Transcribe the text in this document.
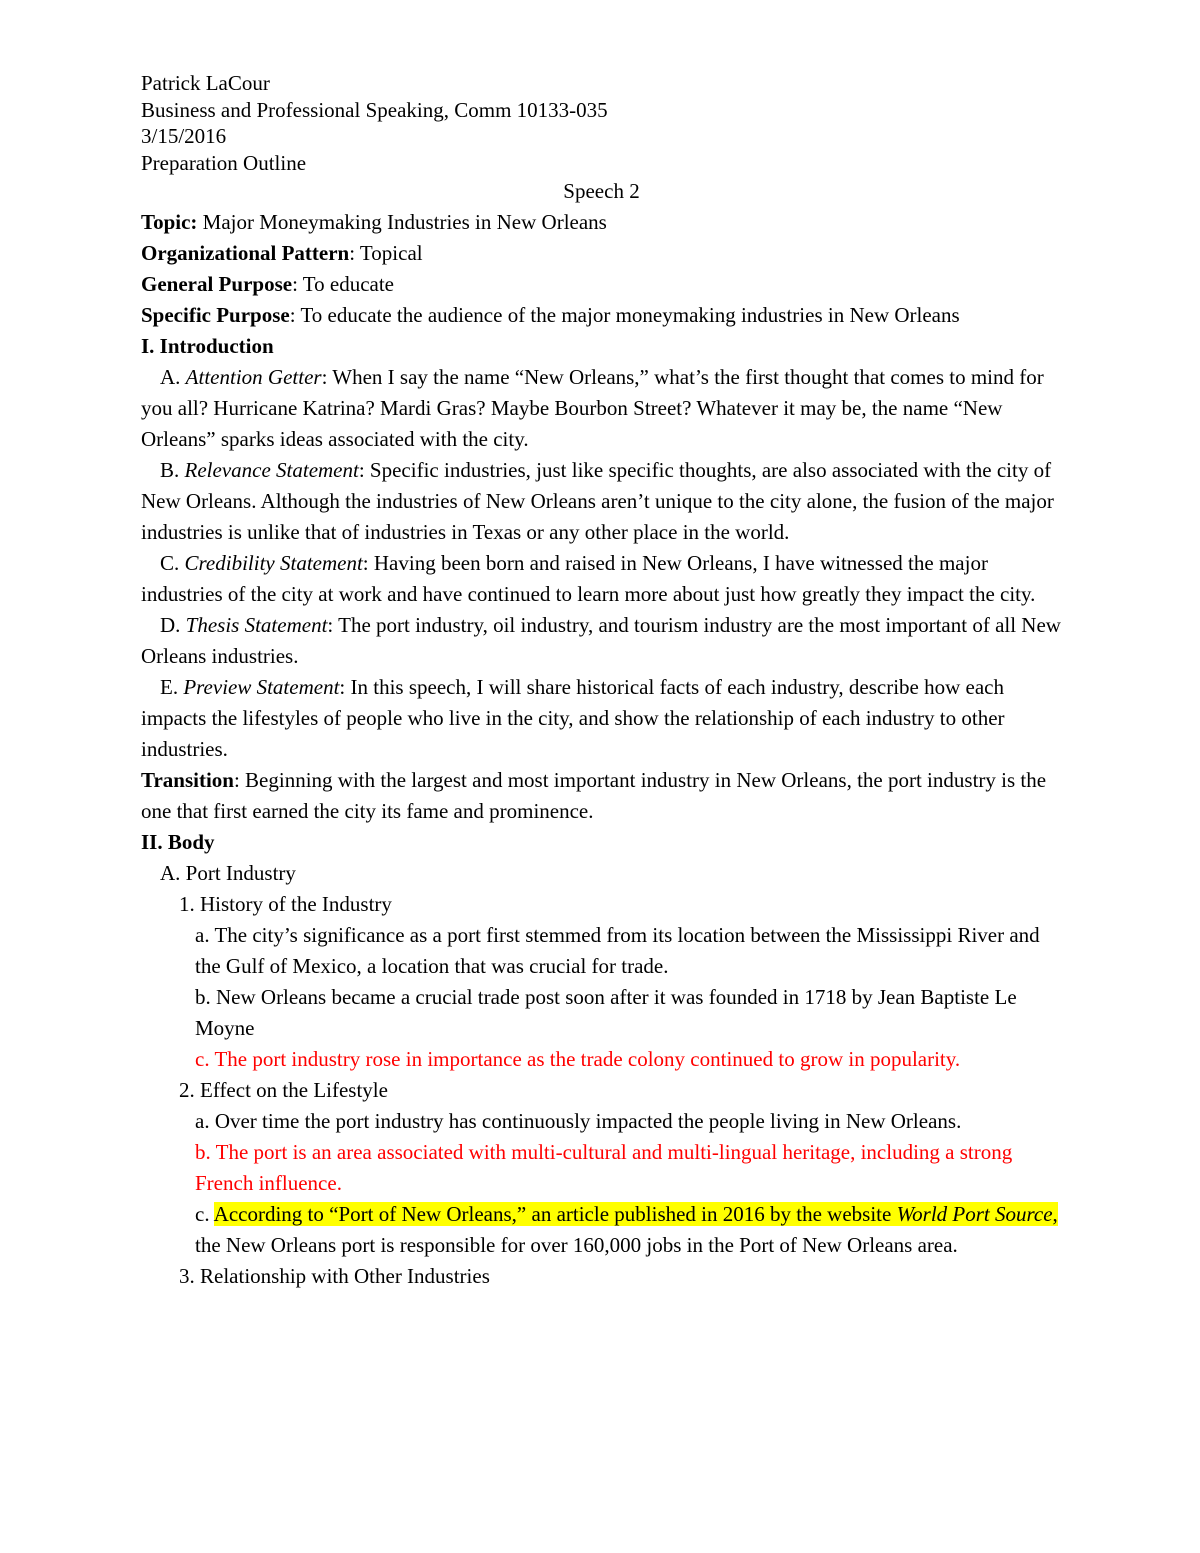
Patrick LaCour
Business and Professional Speaking, Comm 10133-035
3/15/2016
Preparation Outline
Speech 2
Topic: Major Moneymaking Industries in New Orleans
Organizational Pattern: Topical
General Purpose: To educate
Specific Purpose: To educate the audience of the major moneymaking industries in New Orleans
I. Introduction
A. Attention Getter: When I say the name “New Orleans,” what’s the first thought that comes to mind for you all? Hurricane Katrina? Mardi Gras? Maybe Bourbon Street? Whatever it may be, the name “New Orleans” sparks ideas associated with the city.
B. Relevance Statement: Specific industries, just like specific thoughts, are also associated with the city of New Orleans. Although the industries of New Orleans aren’t unique to the city alone, the fusion of the major industries is unlike that of industries in Texas or any other place in the world.
C. Credibility Statement: Having been born and raised in New Orleans, I have witnessed the major industries of the city at work and have continued to learn more about just how greatly they impact the city.
D. Thesis Statement: The port industry, oil industry, and tourism industry are the most important of all New Orleans industries.
E. Preview Statement: In this speech, I will share historical facts of each industry, describe how each impacts the lifestyles of people who live in the city, and show the relationship of each industry to other industries.
Transition: Beginning with the largest and most important industry in New Orleans, the port industry is the one that first earned the city its fame and prominence.
II. Body
A. Port Industry
1. History of the Industry
a. The city’s significance as a port first stemmed from its location between the Mississippi River and the Gulf of Mexico, a location that was crucial for trade.
b. New Orleans became a crucial trade post soon after it was founded in 1718 by Jean Baptiste Le Moyne
c. The port industry rose in importance as the trade colony continued to grow in popularity.
2. Effect on the Lifestyle
a. Over time the port industry has continuously impacted the people living in New Orleans.
b. The port is an area associated with multi-cultural and multi-lingual heritage, including a strong French influence.
c. According to “Port of New Orleans,” an article published in 2016 by the website World Port Source, the New Orleans port is responsible for over 160,000 jobs in the Port of New Orleans area.
3. Relationship with Other Industries
